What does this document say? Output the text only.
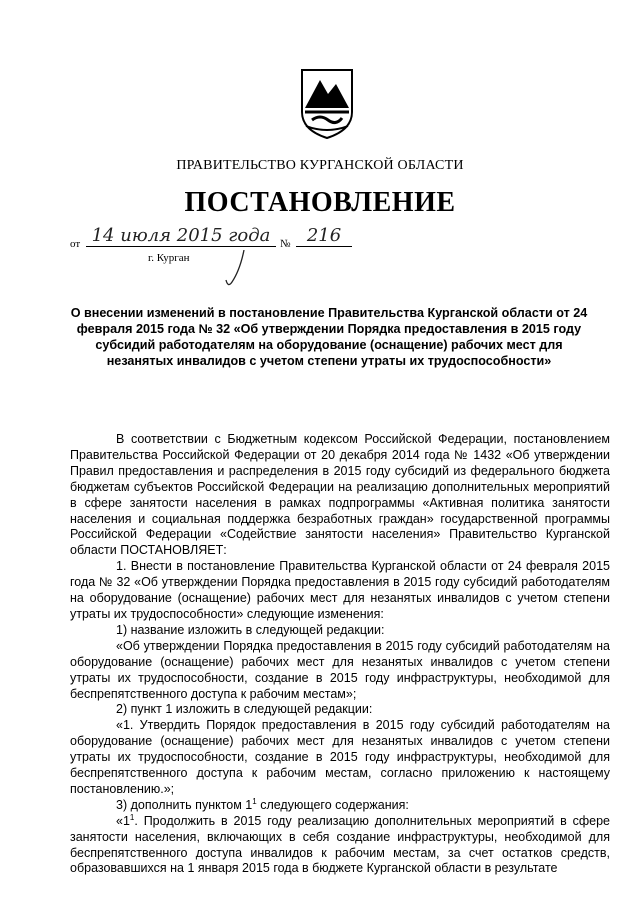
ПРАВИТЕЛЬСТВО КУРГАНСКОЙ ОБЛАСТИ
ПОСТАНОВЛЕНИЕ
от 14 июля 2015 года № 216
г. Курган
О внесении изменений в постановление Правительства Курганской области от 24 февраля 2015 года № 32 «Об утверждении Порядка предоставления в 2015 году субсидий работодателям на оборудование (оснащение) рабочих мест для незанятых инвалидов с учетом степени утраты их трудоспособности»

В соответствии с Бюджетным кодексом Российской Федерации, постановлением Правительства Российской Федерации от 20 декабря 2014 года № 1432 «Об утверждении Правил предоставления и распределения в 2015 году субсидий из федерального бюджета бюджетам субъектов Российской Федерации на реализацию дополнительных мероприятий в сфере занятости населения в рамках подпрограммы «Активная политика занятости населения и социальная поддержка безработных граждан» государственной программы Российской Федерации «Содействие занятости населения» Правительство Курганской области ПОСТАНОВЛЯЕТ:

1. Внести в постановление Правительства Курганской области от 24 февраля 2015 года № 32 «Об утверждении Порядка предоставления в 2015 году субсидий работодателям на оборудование (оснащение) рабочих мест для незанятых инвалидов с учетом степени утраты их трудоспособности» следующие изменения:

1) название изложить в следующей редакции:

«Об утверждении Порядка предоставления в 2015 году субсидий работодателям на оборудование (оснащение) рабочих мест для незанятых инвалидов с учетом степени утраты их трудоспособности, создание в 2015 году инфраструктуры, необходимой для беспрепятственного доступа к рабочим местам»;

2) пункт 1 изложить в следующей редакции:

«1. Утвердить Порядок предоставления в 2015 году субсидий работодателям на оборудование (оснащение) рабочих мест для незанятых инвалидов с учетом степени утраты их трудоспособности, создание в 2015 году инфраструктуры, необходимой для беспрепятственного доступа к рабочим местам, согласно приложению к настоящему постановлению.»;

3) дополнить пунктом $1^1$ следующего содержания:

«$1^1$. Продолжить в 2015 году реализацию дополнительных мероприятий в сфере занятости населения, включающих в себя создание инфраструктуры, необходимой для беспрепятственного доступа инвалидов к рабочим местам, за счет остатков средств, образовавшихся на 1 января 2015 года в бюджете Курганской области в результате
